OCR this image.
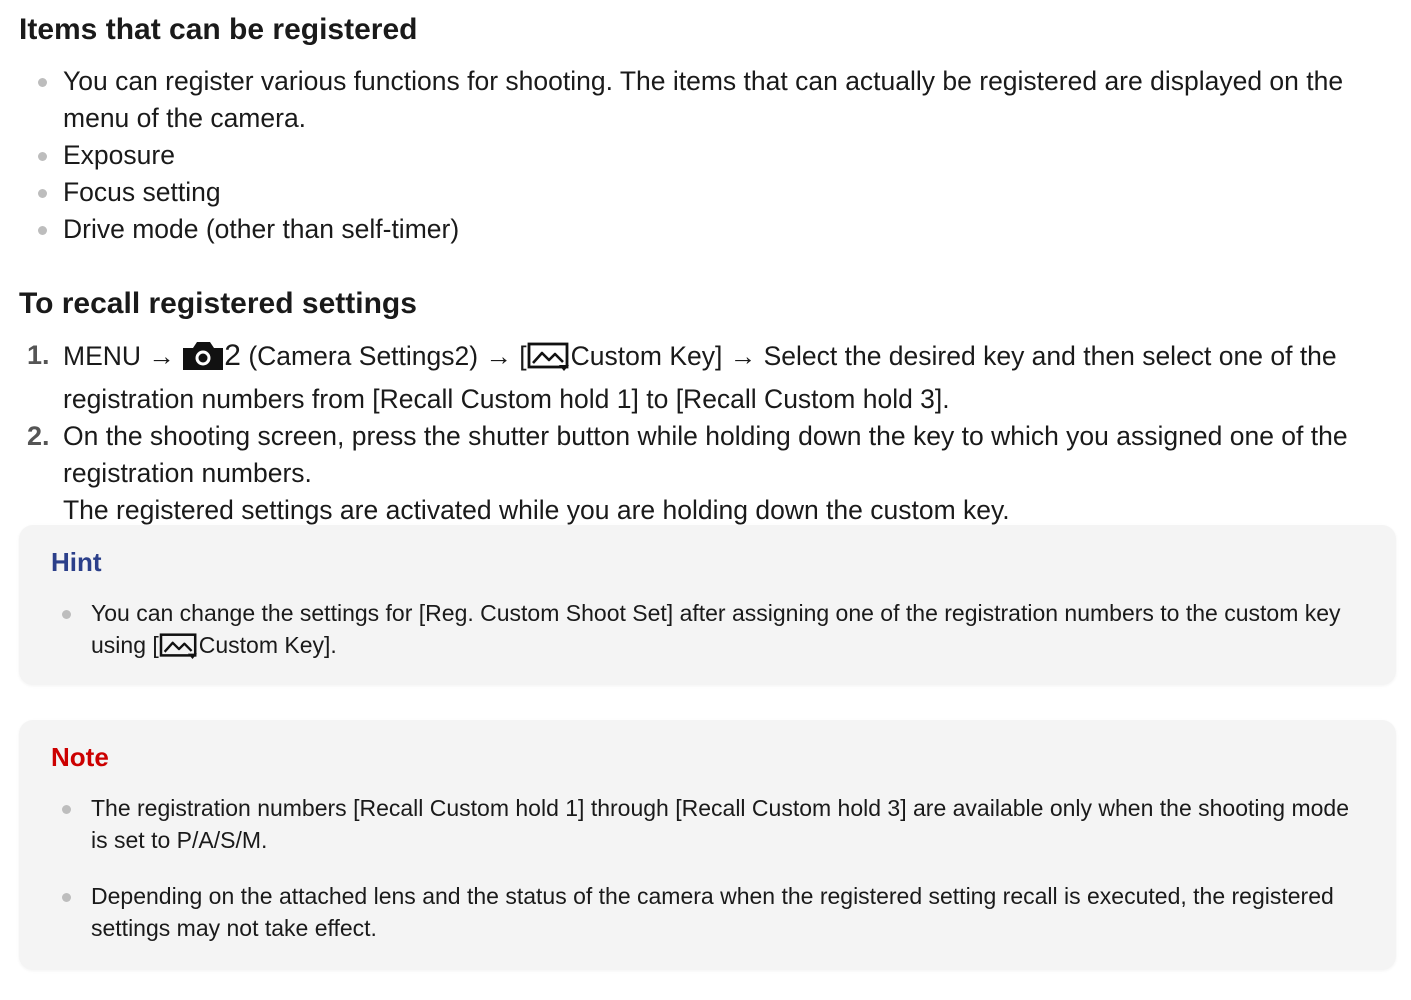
Items that can be registered
You can register various functions for shooting. The items that can actually be registered are displayed on the menu of the camera.
Exposure
Focus setting
Drive mode (other than self-timer)
To recall registered settings
1. MENU → 2 (Camera Settings2) → [ Custom Key] → Select the desired key and then select one of the registration numbers from [Recall Custom hold 1] to [Recall Custom hold 3].
2. On the shooting screen, press the shutter button while holding down the key to which you assigned one of the registration numbers.
The registered settings are activated while you are holding down the custom key.
Hint
You can change the settings for [Reg. Custom Shoot Set] after assigning one of the registration numbers to the custom key using [ Custom Key].
Note
The registration numbers [Recall Custom hold 1] through [Recall Custom hold 3] are available only when the shooting mode is set to P/A/S/M.
Depending on the attached lens and the status of the camera when the registered setting recall is executed, the registered settings may not take effect.
